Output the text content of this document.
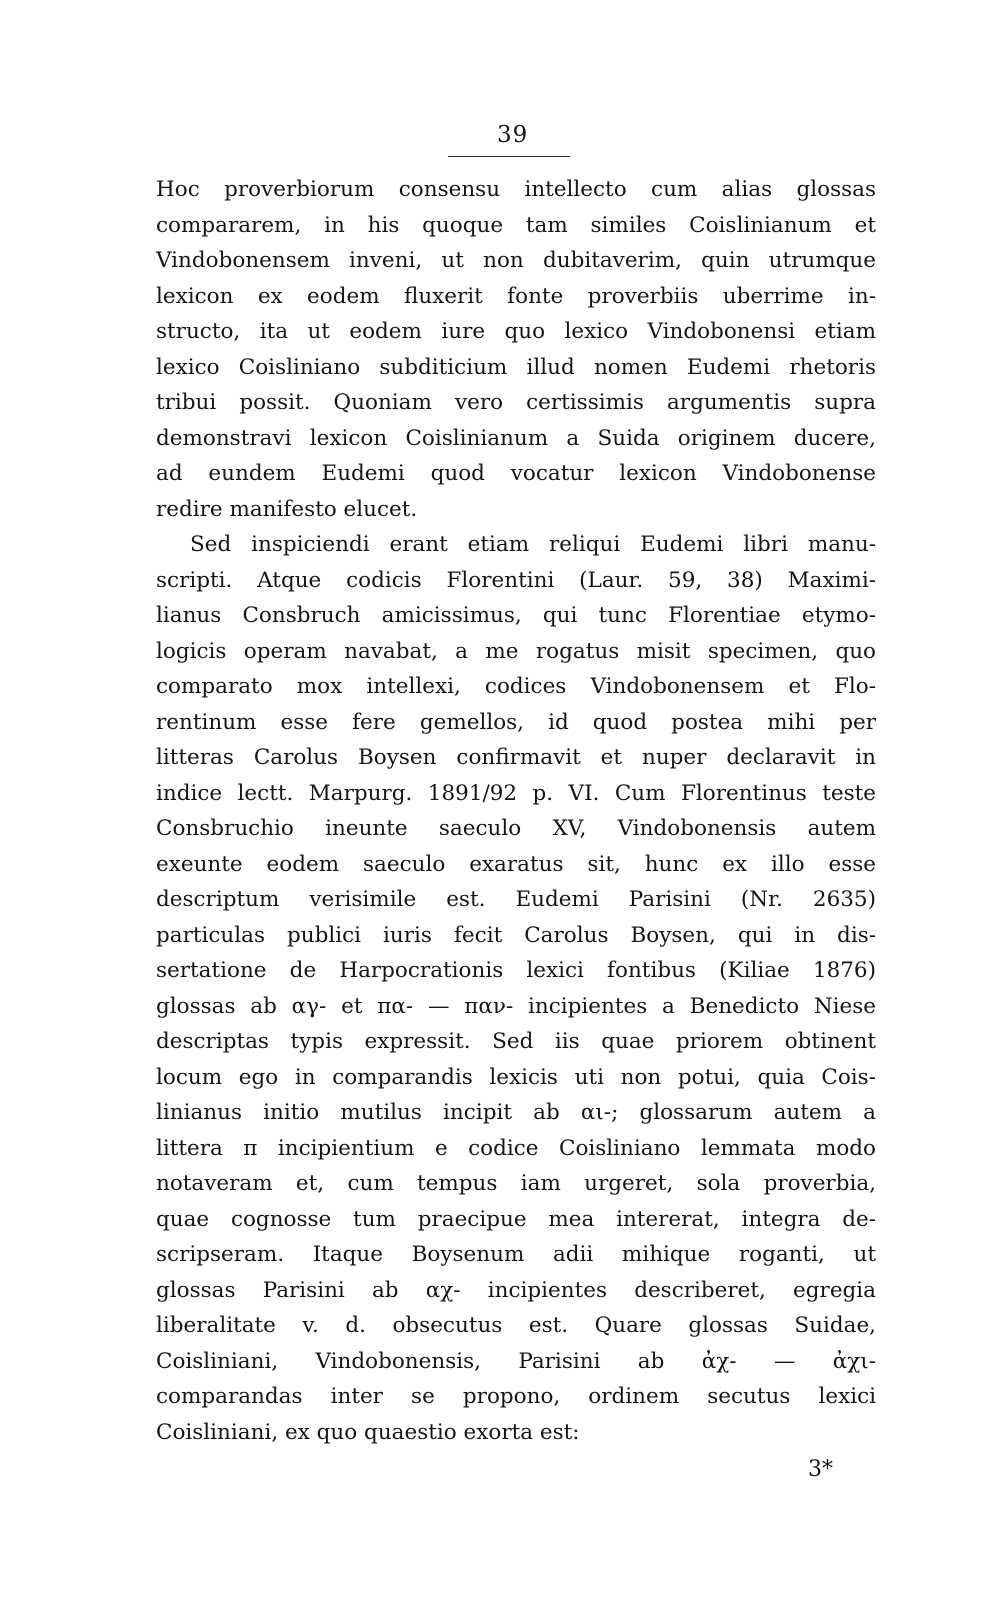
39
Hoc proverbiorum consensu intellecto cum alias glossas
compararem, in his quoque tam similes Coislinianum et
Vindobonensem inveni, ut non dubitaverim, quin utrumque
lexicon ex eodem fluxerit fonte proverbiis uberrime in-
structo, ita ut eodem iure quo lexico Vindobonensi etiam
lexico Coisliniano subditicium illud nomen Eudemi rhetoris
tribui possit. Quoniam vero certissimis argumentis supra
demonstravi lexicon Coislinianum a Suida originem ducere,
ad eundem Eudemi quod vocatur lexicon Vindobonense
redire manifesto elucet.
Sed inspiciendi erant etiam reliqui Eudemi libri manu-
scripti. Atque codicis Florentini (Laur. 59, 38) Maximi-
lianus Consbruch amicissimus, qui tunc Florentiae etymo-
logicis operam navabat, a me rogatus misit specimen, quo
comparato mox intellexi, codices Vindobonensem et Flo-
rentinum esse fere gemellos, id quod postea mihi per
litteras Carolus Boysen confirmavit et nuper declaravit in
indice lectt. Marpurg. 1891/92 p. VI. Cum Florentinus teste
Consbruchio ineunte saeculo XV, Vindobonensis autem
exeunte eodem saeculo exaratus sit, hunc ex illo esse
descriptum verisimile est. Eudemi Parisini (Nr. 2635)
particulas publici iuris fecit Carolus Boysen, qui in dis-
sertatione de Harpocrationis lexici fontibus (Kiliae 1876)
glossas ab αγ- et πα- — παν- incipientes a Benedicto Niese
descriptas typis expressit. Sed iis quae priorem obtinent
locum ego in comparandis lexicis uti non potui, quia Cois-
linianus initio mutilus incipit ab αι-; glossarum autem a
littera π incipientium e codice Coisliniano lemmata modo
notaveram et, cum tempus iam urgeret, sola proverbia,
quae cognosse tum praecipue mea intererat, integra de-
scripseram. Itaque Boysenum adii mihique roganti, ut
glossas Parisini ab αχ- incipientes describeret, egregia
liberalitate v. d. obsecutus est. Quare glossas Suidae,
Coisliniani, Vindobonensis, Parisini ab ἀχ- — ἀχι-
comparandas inter se propono, ordinem secutus lexici
Coisliniani, ex quo quaestio exorta est:
3*
